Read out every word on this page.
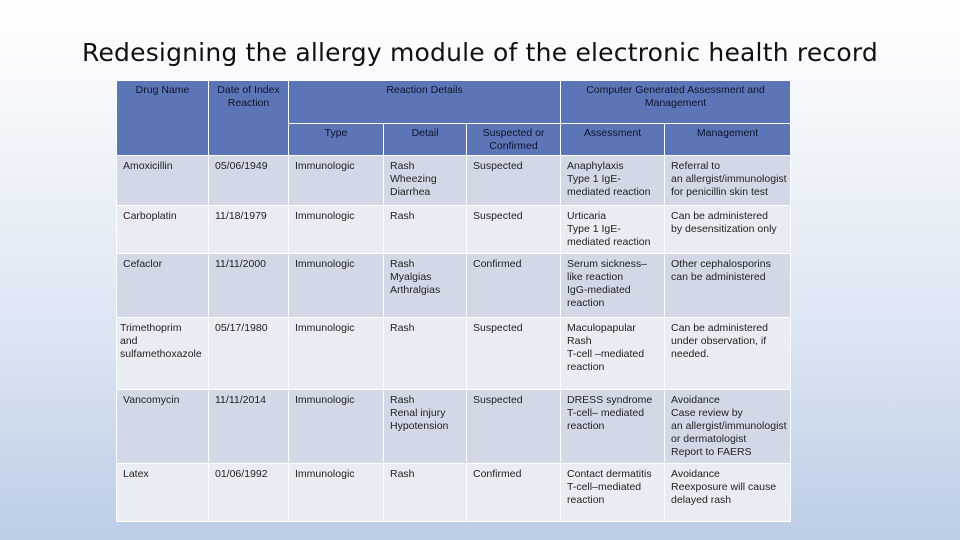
Redesigning the allergy module of the electronic health record
Drug Name	Date of Index Reaction	Reaction Details			Computer Generated Assessment and Management	
		Type	Detail	Suspected or Confirmed	Assessment	Management

Amoxicillin	05/06/1949	Immunologic	Rash
Wheezing
Diarrhea	Suspected	Anaphylaxis
Type 1 IgE-
mediated reaction	Referral to
an allergist/immunologist
for penicillin skin test

Carboplatin	11/18/1979	Immunologic	Rash	Suspected	Urticaria
Type 1 IgE-
mediated reaction	Can be administered
by desensitization only

Cefaclor	11/11/2000	Immunologic	Rash
Myalgias
Arthralgias	Confirmed	Serum sickness–
like reaction
IgG-mediated
reaction	Other cephalosporins
can be administered

Trimethoprim
and
sulfamethoxazole	05/17/1980	Immunologic	Rash	Suspected	Maculopapular
Rash
T-cell –mediated
reaction	Can be administered
under observation, if
needed.

Vancomycin	11/11/2014	Immunologic	Rash
Renal injury
Hypotension	Suspected	DRESS syndrome
T-cell– mediated
reaction	Avoidance
Case review by
an allergist/immunologist
or dermatologist
Report to FAERS

Latex	01/06/1992	Immunologic	Rash	Confirmed	Contact dermatitis
T-cell–mediated
reaction	Avoidance
Reexposure will cause
delayed rash
